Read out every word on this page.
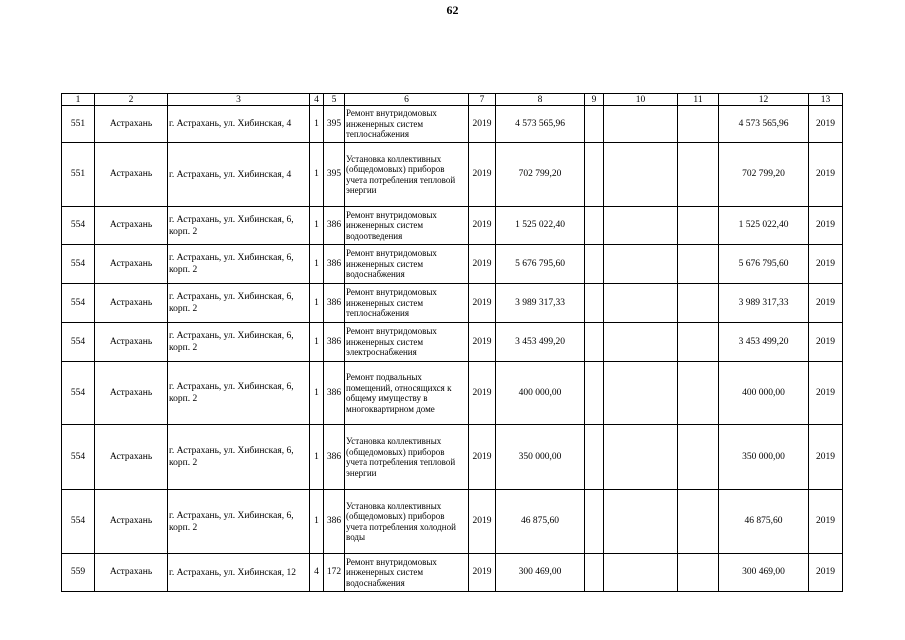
62
1	2	3	4	5	6	7	8	9	10	11	12	13
551	Астрахань	г. Астрахань, ул. Хибинская, 4	1	395	Ремонт внутридомовых инженерных систем теплоснабжения	2019	4 573 565,96				4 573 565,96	2019
551	Астрахань	г. Астрахань, ул. Хибинская, 4	1	395	Установка коллективных (общедомовых) приборов учета потребления тепловой энергии	2019	702 799,20				702 799,20	2019
554	Астрахань	г. Астрахань, ул. Хибинская, 6, корп. 2	1	386	Ремонт внутридомовых инженерных систем водоотведения	2019	1 525 022,40				1 525 022,40	2019
554	Астрахань	г. Астрахань, ул. Хибинская, 6, корп. 2	1	386	Ремонт внутридомовых инженерных систем водоснабжения	2019	5 676 795,60				5 676 795,60	2019
554	Астрахань	г. Астрахань, ул. Хибинская, 6, корп. 2	1	386	Ремонт внутридомовых инженерных систем теплоснабжения	2019	3 989 317,33				3 989 317,33	2019
554	Астрахань	г. Астрахань, ул. Хибинская, 6, корп. 2	1	386	Ремонт внутридомовых инженерных систем электроснабжения	2019	3 453 499,20				3 453 499,20	2019
554	Астрахань	г. Астрахань, ул. Хибинская, 6, корп. 2	1	386	Ремонт подвальных помещений, относящихся к общему имуществу в многоквартирном доме	2019	400 000,00				400 000,00	2019
554	Астрахань	г. Астрахань, ул. Хибинская, 6, корп. 2	1	386	Установка коллективных (общедомовых) приборов учета потребления тепловой энергии	2019	350 000,00				350 000,00	2019
554	Астрахань	г. Астрахань, ул. Хибинская, 6, корп. 2	1	386	Установка коллективных (общедомовых) приборов учета потребления холодной воды	2019	46 875,60				46 875,60	2019
559	Астрахань	г. Астрахань, ул. Хибинская, 12	4	172	Ремонт внутридомовых инженерных систем водоснабжения	2019	300 469,00				300 469,00	2019
